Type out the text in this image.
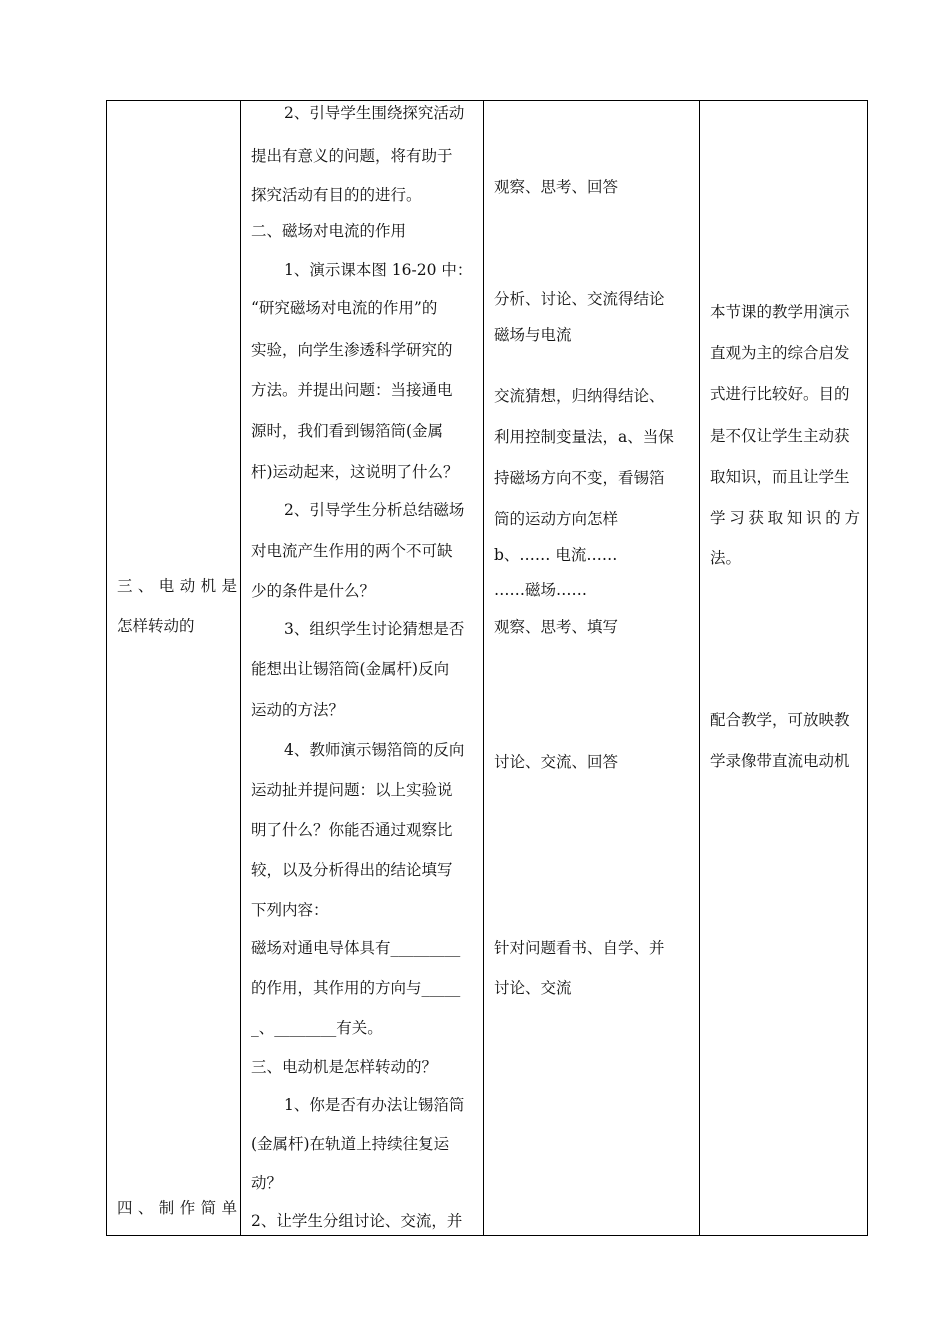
三、电动机是
怎样转动的
四、制作简单
2、引导学生围绕探究活动
提出有意义的问题，将有助于
探究活动有目的的进行。
二、磁场对电流的作用
1、演示课本图 16-20 中：
“研究磁场对电流的作用”的
实验，向学生渗透科学研究的
方法。并提出问题：当接通电
源时，我们看到锡箔筒(金属
杆)运动起来，这说明了什么？
2、引导学生分析总结磁场
对电流产生作用的两个不可缺
少的条件是什么？
3、组织学生讨论猜想是否
能想出让锡箔筒(金属杆)反向
运动的方法？
4、教师演示锡箔筒的反向
运动扯并提问题：以上实验说
明了什么？你能否通过观察比
较，以及分析得出的结论填写
下列内容：
磁场对通电导体具有_________
的作用，其作用的方向与_____
_、________有关。
三、电动机是怎样转动的？
1、你是否有办法让锡箔筒
(金属杆)在轨道上持续往复运
动？
2、让学生分组讨论、交流，并
观察、思考、回答
分析、讨论、交流得结论
磁场与电流
交流猜想，归纳得结论、
利用控制变量法，a、当保
持磁场方向不变，看锡箔
筒的运动方向怎样
b、…… 电流……
……磁场……
观察、思考、填写
讨论、交流、回答
针对问题看书、自学、并
讨论、交流
本节课的教学用演示
直观为主的综合启发
式进行比较好。目的
是不仅让学生主动获
取知识，而且让学生
学习获取知识的方
法。
配合教学，可放映教
学录像带直流电动机
